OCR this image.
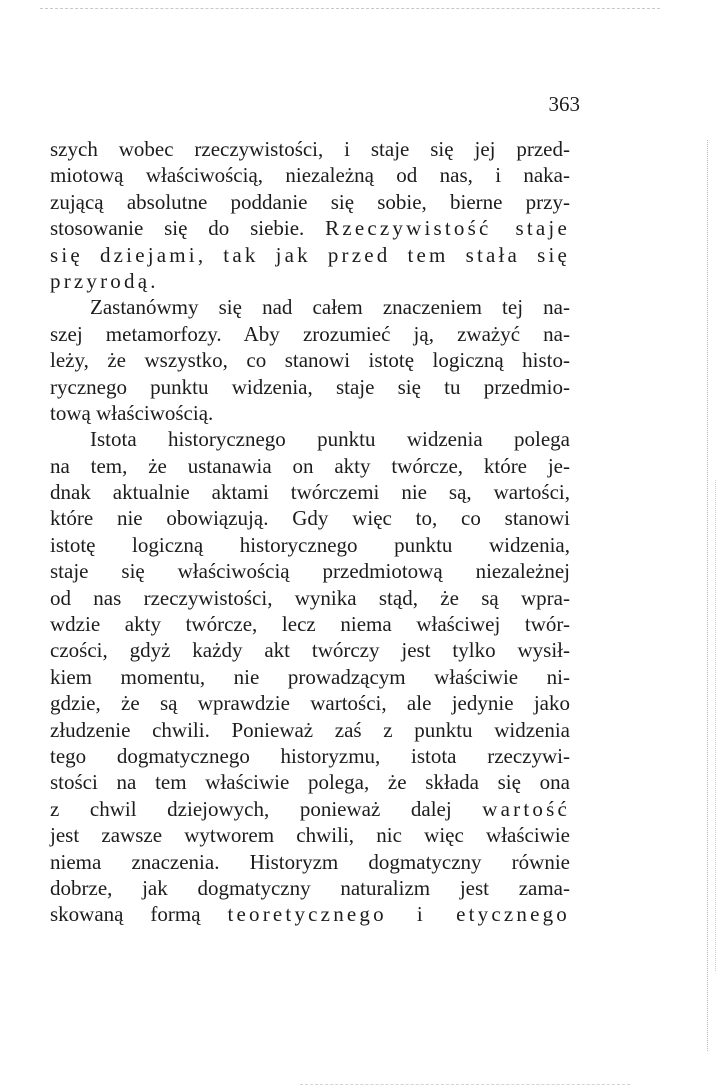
363
szych wobec rzeczywistości, i staje się jej przed-
miotową właściwością, niezależną od nas, i naka-
zującą absolutne poddanie się sobie, bierne przy-
stosowanie się do siebie. Rzeczywistość staje
się dziejami, tak jak przed tem stała się
przyrodą.
Zastanówmy się nad całem znaczeniem tej na-
szej metamorfozy. Aby zrozumieć ją, zważyć na-
leży, że wszystko, co stanowi istotę logiczną histo-
rycznego punktu widzenia, staje się tu przedmio-
tową właściwością.
Istota historycznego punktu widzenia polega
na tem, że ustanawia on akty twórcze, które je-
dnak aktualnie aktami twórczemi nie są, wartości,
które nie obowiązują. Gdy więc to, co stanowi
istotę logiczną historycznego punktu widzenia,
staje się właściwością przedmiotową niezależnej
od nas rzeczywistości, wynika stąd, że są wpra-
wdzie akty twórcze, lecz niema właściwej twór-
czości, gdyż każdy akt twórczy jest tylko wysił-
kiem momentu, nie prowadzącym właściwie ni-
gdzie, że są wprawdzie wartości, ale jedynie jako
złudzenie chwili. Ponieważ zaś z punktu widzenia
tego dogmatycznego historyzmu, istota rzeczywi-
stości na tem właściwie polega, że składa się ona
z chwil dziejowych, ponieważ dalej wartość
jest zawsze wytworem chwili, nic więc właściwie
niema znaczenia. Historyzm dogmatyczny równie
dobrze, jak dogmatyczny naturalizm jest zama-
skowaną formą teoretycznego i etycznego
